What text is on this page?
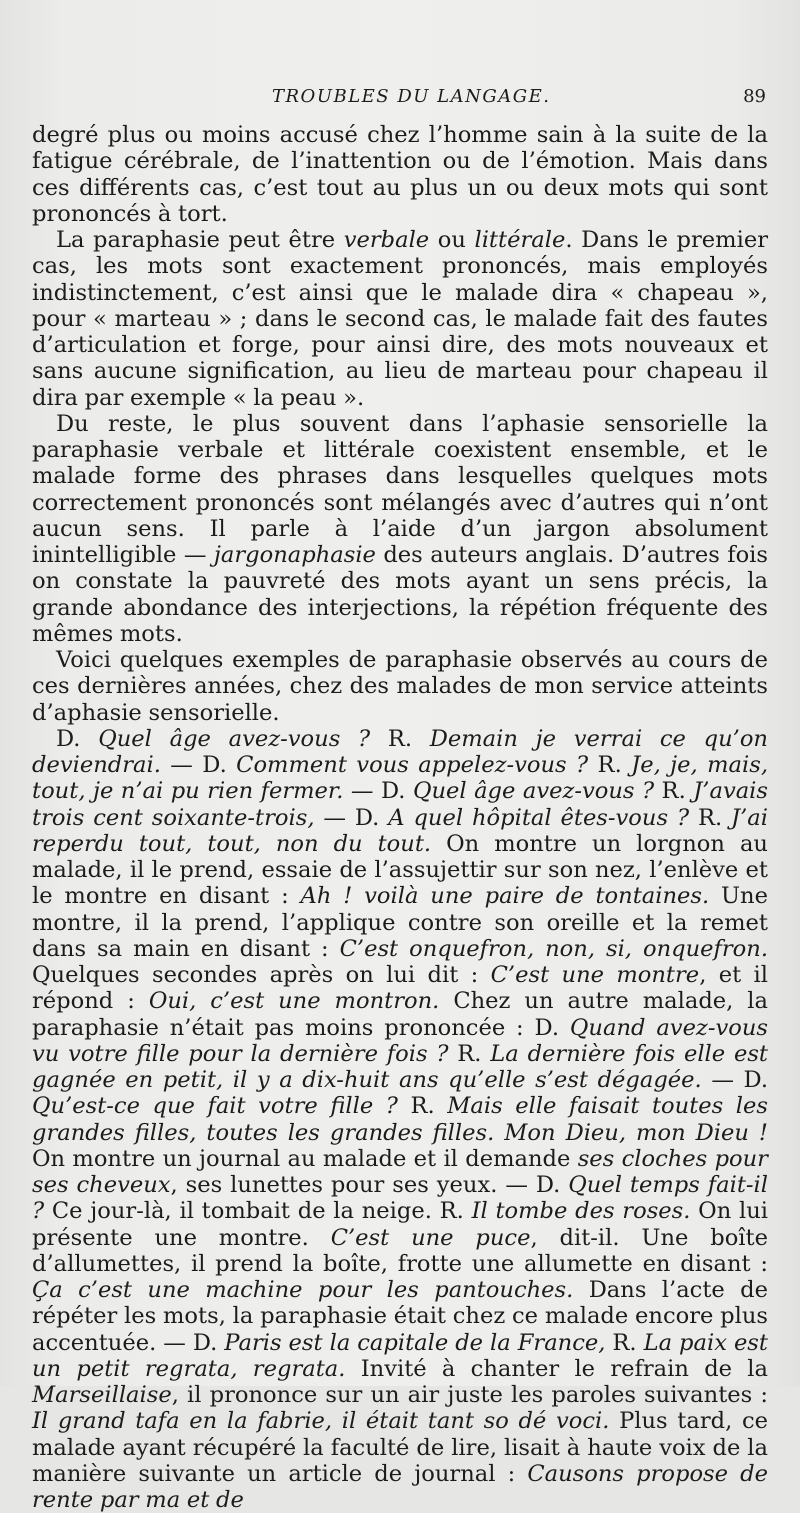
TROUBLES DU LANGAGE.	89

degré plus ou moins accusé chez l’homme sain à la suite de la fatigue cérébrale, de l’inattention ou de l’émotion. Mais dans ces différents cas, c’est tout au plus un ou deux mots qui sont prononcés à tort.

La paraphasie peut être verbale ou littérale. Dans le premier cas, les mots sont exactement prononcés, mais employés indistinctement, c’est ainsi que le malade dira « chapeau », pour « marteau » ; dans le second cas, le malade fait des fautes d’articulation et forge, pour ainsi dire, des mots nouveaux et sans aucune signification, au lieu de marteau pour chapeau il dira par exemple « la peau ».

Du reste, le plus souvent dans l’aphasie sensorielle la paraphasie verbale et littérale coexistent ensemble, et le malade forme des phrases dans lesquelles quelques mots correctement prononcés sont mélangés avec d’autres qui n’ont aucun sens. Il parle à l’aide d’un jargon absolument inintelligible — jargonaphasie des auteurs anglais. D’autres fois on constate la pauvreté des mots ayant un sens précis, la grande abondance des interjections, la répétion fréquente des mêmes mots.

Voici quelques exemples de paraphasie observés au cours de ces dernières années, chez des malades de mon service atteints d’aphasie sensorielle.

D. Quel âge avez-vous ? R. Demain je verrai ce qu’on deviendrai. — D. Comment vous appelez-vous ? R. Je, je, mais, tout, je n’ai pu rien fermer. — D. Quel âge avez-vous ? R. J’avais trois cent soixante-trois, — D. A quel hôpital êtes-vous ? R. J’ai reperdu tout, tout, non du tout. On montre un lorgnon au malade, il le prend, essaie de l’assujettir sur son nez, l’enlève et le montre en disant : Ah ! voilà une paire de tontaines. Une montre, il la prend, l’applique contre son oreille et la remet dans sa main en disant : C’est onquefron, non, si, onquefron. Quelques secondes après on lui dit : C’est une montre, et il répond : Oui, c’est une montron. Chez un autre malade, la paraphasie n’était pas moins prononcée : D. Quand avez-vous vu votre fille pour la dernière fois ? R. La dernière fois elle est gagnée en petit, il y a dix-huit ans qu’elle s’est dégagée. — D. Qu’est-ce que fait votre fille ? R. Mais elle faisait toutes les grandes filles, toutes les grandes filles. Mon Dieu, mon Dieu ! On montre un journal au malade et il demande ses cloches pour ses cheveux, ses lunettes pour ses yeux. — D. Quel temps fait-il ? Ce jour-là, il tombait de la neige. R. Il tombe des roses. On lui présente une montre. C’est une puce, dit-il. Une boîte d’allumettes, il prend la boîte, frotte une allumette en disant : Ça c’est une machine pour les pantouches. Dans l’acte de répéter les mots, la paraphasie était chez ce malade encore plus accentuée. — D. Paris est la capitale de la France, R. La paix est un petit regrata, regrata. Invité à chanter le refrain de la Marseillaise, il prononce sur un air juste les paroles suivantes : Il grand tafa en la fabrie, il était tant so dé voci. Plus tard, ce malade ayant récupéré la faculté de lire, lisait à haute voix de la manière suivante un article de journal : Causons propose de rente par ma et de
